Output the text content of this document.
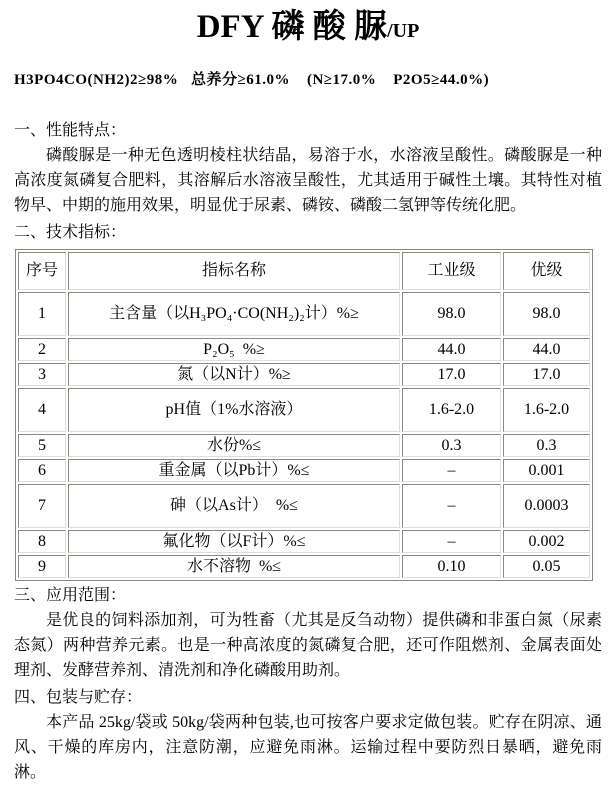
DFY 磷 酸 脲/UP
H3PO4CO(NH2)2≥98%   总养分≥61.0%    (N≥17.0%    P2O5≥44.0%)
一、性能特点：

磷酸脲是一种无色透明棱柱状结晶，易溶于水，水溶液呈酸性。磷酸脲是一种高浓度氮磷复合肥料，其溶解后水溶液呈酸性，尤其适用于碱性土壤。其特性对植物早、中期的施用效果，明显优于尿素、磷铵、磷酸二氢钾等传统化肥。

二、技术指标：
序号	指标名称	工业级	优级
1	主含量（以H₃PO₄·CO(NH₂)₂计）%≥	98.0	98.0
2	P₂O₅  %≥	44.0	44.0
3	氮（以N计）%≥	17.0	17.0
4	pH值（1%水溶液）	1.6-2.0	1.6-2.0
5	水份%≤	0.3	0.3
6	重金属（以Pb计）%≤	–	0.001
7	砷（以As计）  %≤	–	0.0003
8	氟化物（以F计）%≤	–	0.002
9	水不溶物  %≤	0.10	0.05
三、应用范围：

是优良的饲料添加剂，可为牲畜（尤其是反刍动物）提供磷和非蛋白氮（尿素态氮）两种营养元素。也是一种高浓度的氮磷复合肥，还可作阻燃剂、金属表面处理剂、发酵营养剂、清洗剂和净化磷酸用助剂。

四、包装与贮存：

本产品 25kg/袋或 50kg/袋两种包装,也可按客户要求定做包装。贮存在阴凉、通风、干燥的库房内，注意防潮，应避免雨淋。运输过程中要防烈日暴晒，避免雨淋。
